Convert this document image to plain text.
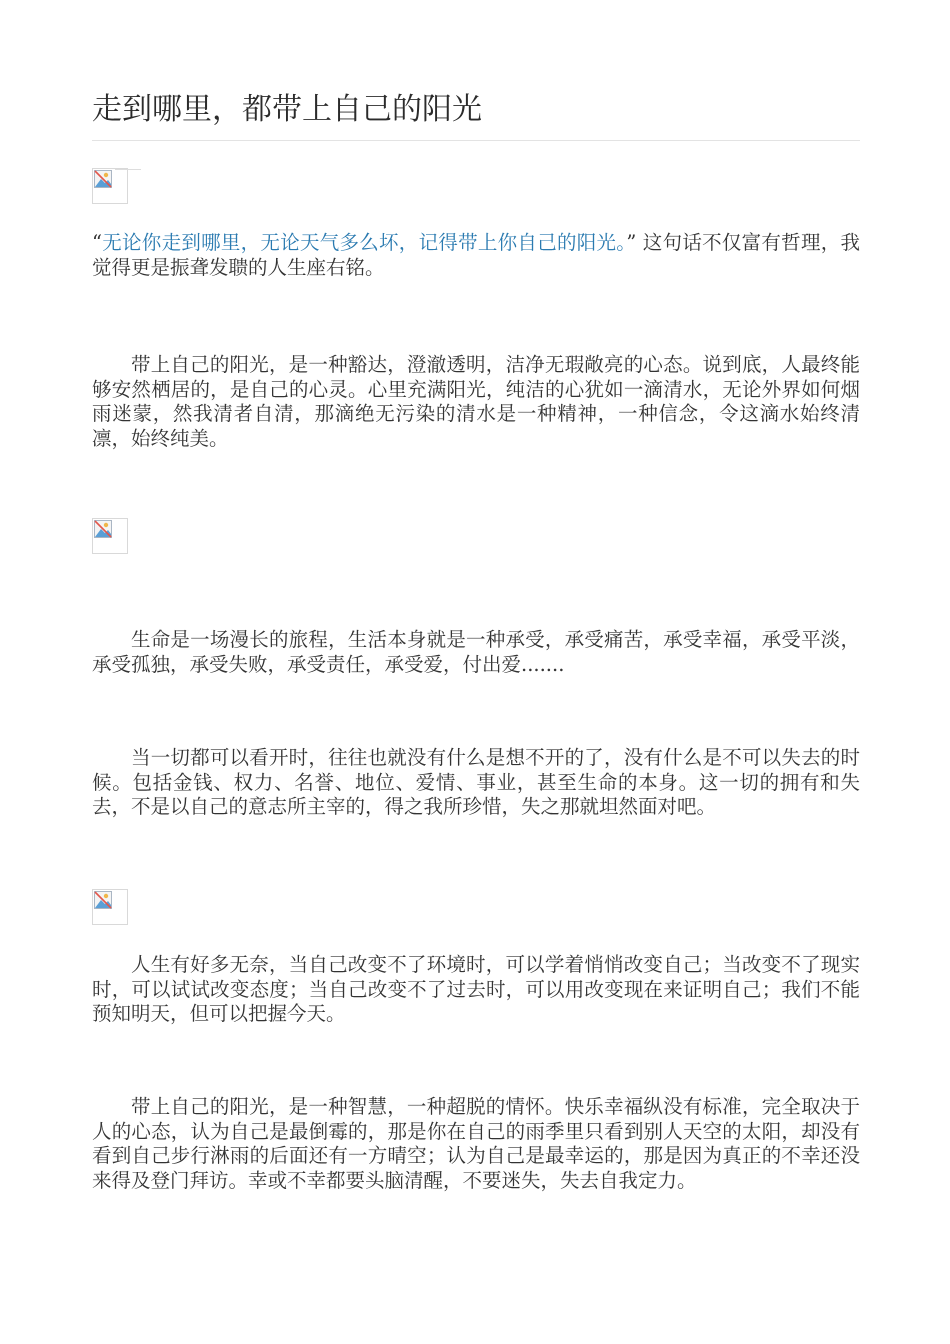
走到哪里，都带上自己的阳光

“无论你走到哪里，无论天气多么坏，记得带上你自己的阳光。” 这句话不仅富有哲理，我觉得更是振聋发聩的人生座右铭。

带上自己的阳光，是一种豁达，澄澈透明，洁净无瑕敞亮的心态。说到底，人最终能够安然栖居的，是自己的心灵。心里充满阳光，纯洁的心犹如一滴清水，无论外界如何烟雨迷蒙，然我清者自清，那滴绝无污染的清水是一种精神，一种信念，令这滴水始终清凛，始终纯美。

生命是一场漫长的旅程，生活本身就是一种承受，承受痛苦，承受幸福，承受平淡，承受孤独，承受失败，承受责任，承受爱，付出爱.......

当一切都可以看开时，往往也就没有什么是想不开的了，没有什么是不可以失去的时候。包括金钱、权力、名誉、地位、爱情、事业，甚至生命的本身。这一切的拥有和失去，不是以自己的意志所主宰的，得之我所珍惜，失之那就坦然面对吧。

人生有好多无奈，当自己改变不了环境时，可以学着悄悄改变自己；当改变不了现实时，可以试试改变态度；当自己改变不了过去时，可以用改变现在来证明自己；我们不能预知明天，但可以把握今天。

带上自己的阳光，是一种智慧，一种超脱的情怀。快乐幸福纵没有标准，完全取决于人的心态，认为自己是最倒霉的，那是你在自己的雨季里只看到别人天空的太阳，却没有看到自己步行淋雨的后面还有一方晴空；认为自己是最幸运的，那是因为真正的不幸还没来得及登门拜访。幸或不幸都要头脑清醒，不要迷失，失去自我定力。
